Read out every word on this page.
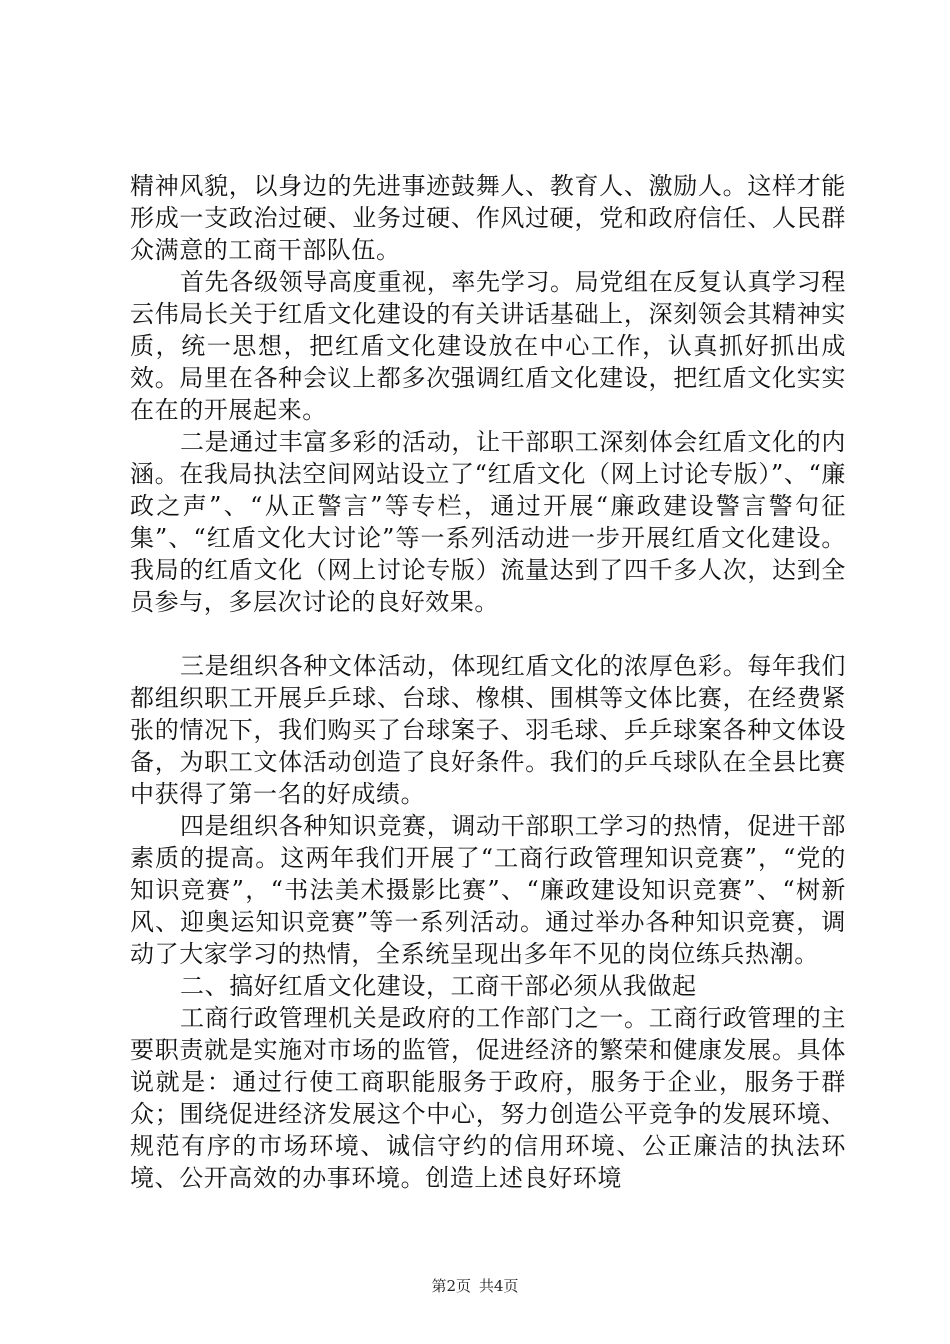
精神风貌，以身边的先进事迹鼓舞人、教育人、激励人。这样才能形成一支政治过硬、业务过硬、作风过硬，党和政府信任、人民群众满意的工商干部队伍。

首先各级领导高度重视，率先学习。局党组在反复认真学习程云伟局长关于红盾文化建设的有关讲话基础上，深刻领会其精神实质，统一思想，把红盾文化建设放在中心工作，认真抓好抓出成效。局里在各种会议上都多次强调红盾文化建设，把红盾文化实实在在的开展起来。

二是通过丰富多彩的活动，让干部职工深刻体会红盾文化的内涵。在我局执法空间网站设立了“红盾文化（网上讨论专版）”、“廉政之声”、“从正警言”等专栏，通过开展“廉政建设警言警句征集”、“红盾文化大讨论”等一系列活动进一步开展红盾文化建设。我局的红盾文化（网上讨论专版）流量达到了四千多人次，达到全员参与，多层次讨论的良好效果。

三是组织各种文体活动，体现红盾文化的浓厚色彩。每年我们都组织职工开展乒乒球、台球、橡棋、围棋等文体比赛，在经费紧张的情况下，我们购买了台球案子、羽毛球、乒乒球案各种文体设备，为职工文体活动创造了良好条件。我们的乒乓球队在全县比赛中获得了第一名的好成绩。

四是组织各种知识竞赛，调动干部职工学习的热情，促进干部素质的提高。这两年我们开展了“工商行政管理知识竞赛”，“党的知识竞赛”，“书法美术摄影比赛”、“廉政建设知识竞赛”、“树新风、迎奥运知识竞赛”等一系列活动。通过举办各种知识竞赛，调动了大家学习的热情，全系统呈现出多年不见的岗位练兵热潮。

二、搞好红盾文化建设，工商干部必须从我做起

工商行政管理机关是政府的工作部门之一。工商行政管理的主要职责就是实施对市场的监管，促进经济的繁荣和健康发展。具体说就是：通过行使工商职能服务于政府，服务于企业，服务于群众；围绕促进经济发展这个中心，努力创造公平竞争的发展环境、规范有序的市场环境、诚信守约的信用环境、公正廉洁的执法环境、公开高效的办事环境。创造上述良好环境

第2页 共4页
